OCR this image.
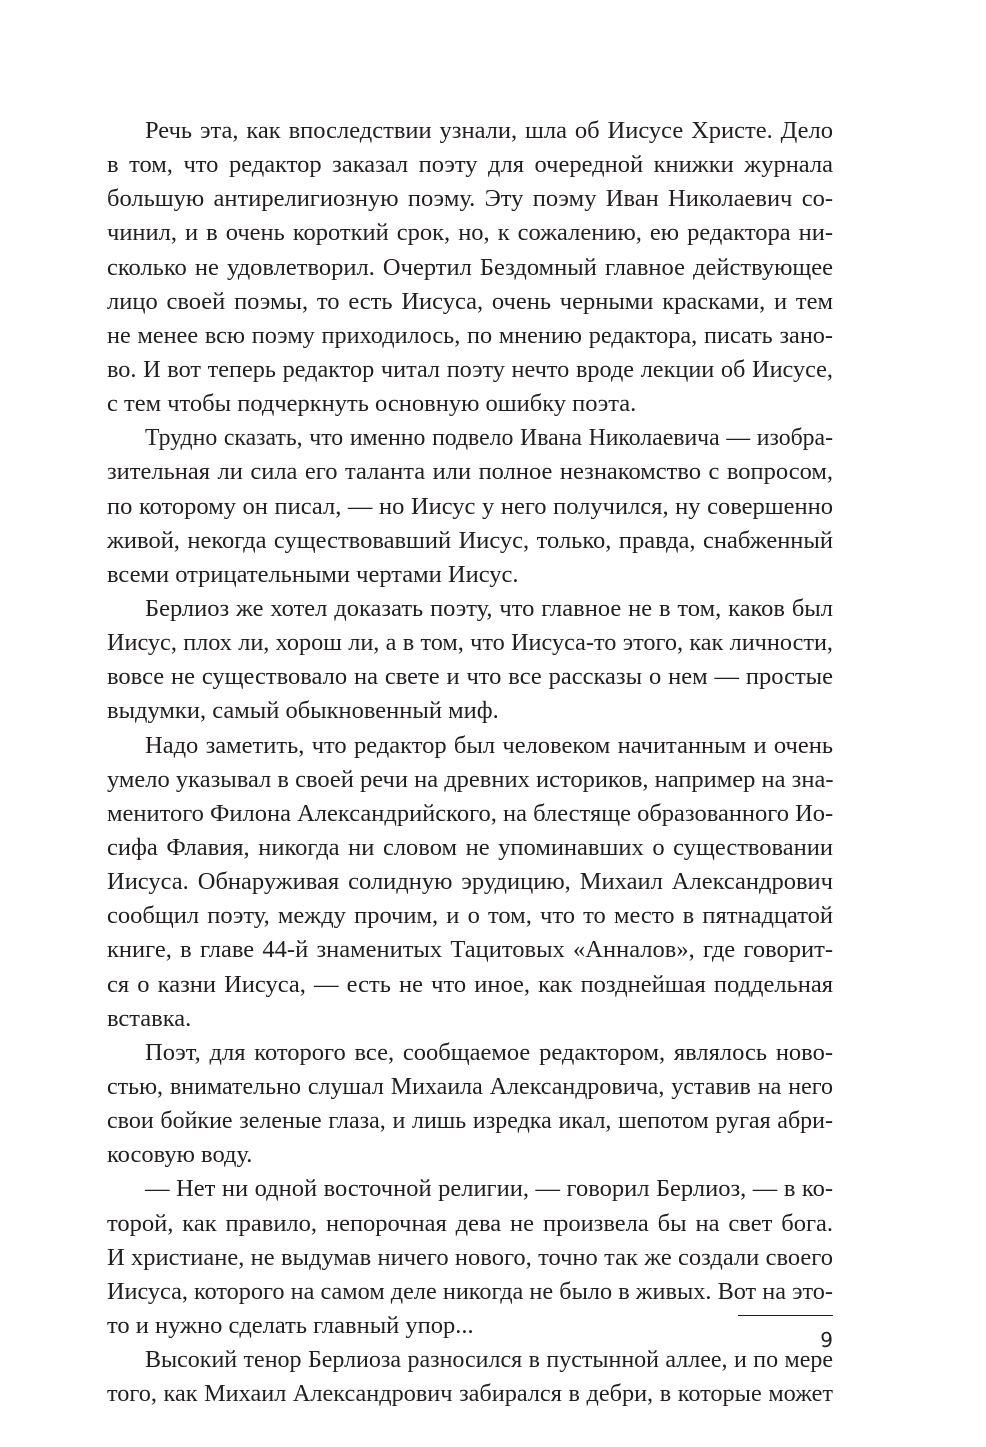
Речь эта, как впоследствии узнали, шла об Иисусе Христе. Дело
в том, что редактор заказал поэту для очередной книжки журнала
большую антирелигиозную поэму. Эту поэму Иван Николаевич со-
чинил, и в очень короткий срок, но, к сожалению, ею редактора ни-
сколько не удовлетворил. Очертил Бездомный главное действующее
лицо своей поэмы, то есть Иисуса, очень черными красками, и тем
не менее всю поэму приходилось, по мнению редактора, писать зано-
во. И вот теперь редактор читал поэту нечто вроде лекции об Иисусе,
с тем чтобы подчеркнуть основную ошибку поэта.
Трудно сказать, что именно подвело Ивана Николаевича — изобра-
зительная ли сила его таланта или полное незнакомство с вопросом,
по которому он писал, — но Иисус у него получился, ну совершенно
живой, некогда существовавший Иисус, только, правда, снабженный
всеми отрицательными чертами Иисус.
Берлиоз же хотел доказать поэту, что главное не в том, каков был
Иисус, плох ли, хорош ли, а в том, что Иисуса-то этого, как личности,
вовсе не существовало на свете и что все рассказы о нем — простые
выдумки, самый обыкновенный миф.
Надо заметить, что редактор был человеком начитанным и очень
умело указывал в своей речи на древних историков, например на зна-
менитого Филона Александрийского, на блестяще образованного Ио-
сифа Флавия, никогда ни словом не упоминавших о существовании
Иисуса. Обнаруживая солидную эрудицию, Михаил Александрович
сообщил поэту, между прочим, и о том, что то место в пятнадцатой
книге, в главе 44-й знаменитых Тацитовых «Анналов», где говорит-
ся о казни Иисуса, — есть не что иное, как позднейшая поддельная
вставка.
Поэт, для которого все, сообщаемое редактором, являлось ново-
стью, внимательно слушал Михаила Александровича, уставив на него
свои бойкие зеленые глаза, и лишь изредка икал, шепотом ругая абри-
косовую воду.
— Нет ни одной восточной религии, — говорил Берлиоз, — в ко-
торой, как правило, непорочная дева не произвела бы на свет бога.
И христиане, не выдумав ничего нового, точно так же создали своего
Иисуса, которого на самом деле никогда не было в живых. Вот на это-
то и нужно сделать главный упор...
Высокий тенор Берлиоза разносился в пустынной аллее, и по мере
того, как Михаил Александрович забирался в дебри, в которые может
9
